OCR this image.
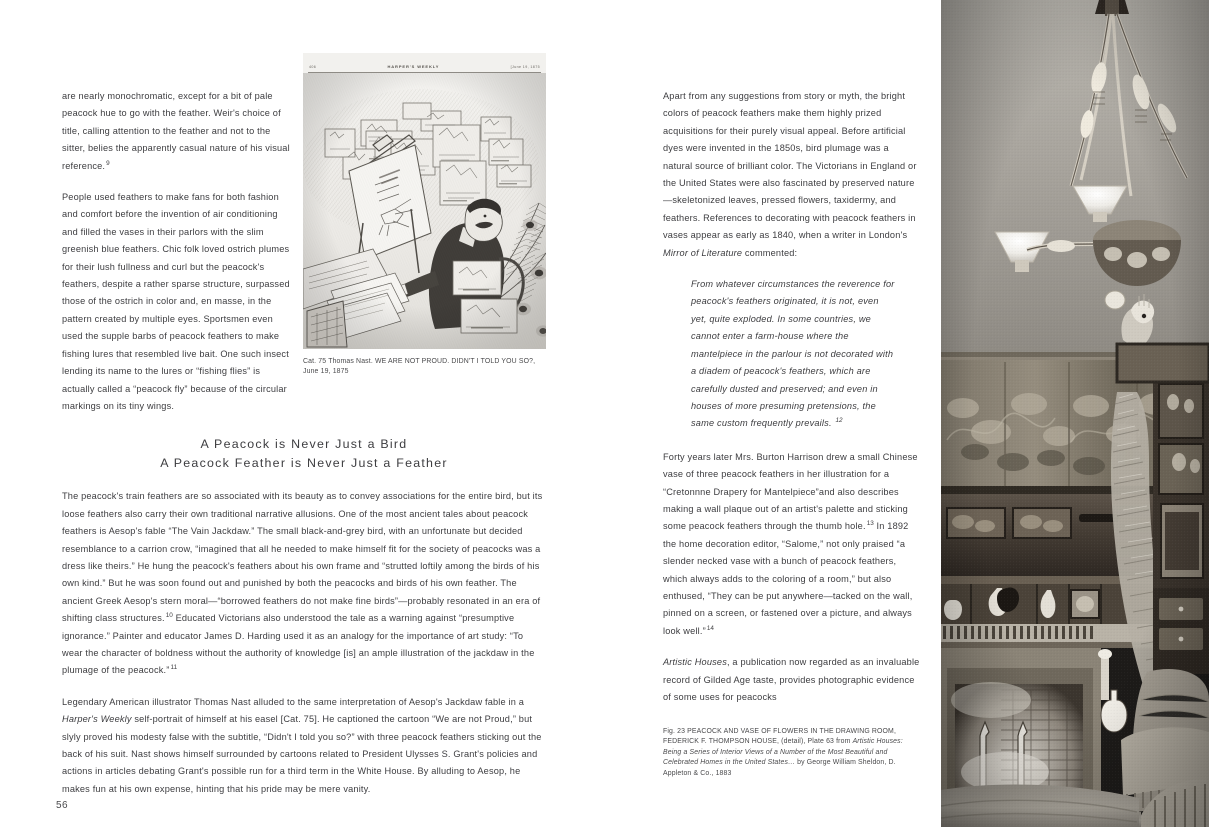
406	HARPER'S WEEKLY	[June 19, 1875
Cat. 75 Thomas Nast. WE ARE NOT PROUD. DIDN'T I TOLD YOU SO?, June 19, 1875

are nearly monochromatic, except for a bit of pale peacock hue to go with the feather. Weir's choice of title, calling attention to the feather and not to the sitter, belies the apparently casual nature of his visual reference.$^9$

People used feathers to make fans for both fashion and comfort before the invention of air conditioning and filled the vases in their parlors with the slim greenish blue feathers. Chic folk loved ostrich plumes for their lush fullness and curl but the peacock's feathers, despite a rather sparse structure, surpassed those of the ostrich in color and, en masse, in the pattern created by multiple eyes. Sportsmen even used the supple barbs of peacock feathers to make fishing lures that resembled live bait. One such insect lending its name to the lures or “fishing flies” is actually called a “peacock fly” because of the circular markings on its tiny wings.

A Peacock is Never Just a Bird
A Peacock Feather is Never Just a Feather

The peacock's train feathers are so associated with its beauty as to convey associations for the entire bird, but its loose feathers also carry their own traditional narrative allusions. One of the most ancient tales about peacock feathers is Aesop's fable “The Vain Jackdaw.” The small black-and-grey bird, with an unfortunate but decided resemblance to a carrion crow, “imagined that all he needed to make himself fit for the society of peacocks was a dress like theirs.” He hung the peacock's feathers about his own frame and “strutted loftily among the birds of his own kind.” But he was soon found out and punished by both the peacocks and birds of his own feather. The ancient Greek Aesop's stern moral—“borrowed feathers do not make fine birds”—probably resonated in an era of shifting class structures.$^{10}$ Educated Victorians also understood the tale as a warning against “presumptive ignorance.” Painter and educator James D. Harding used it as an analogy for the importance of art study: “To wear the character of boldness without the authority of knowledge [is] an ample illustration of the jackdaw in the plumage of the peacock.”$^{11}$

Legendary American illustrator Thomas Nast alluded to the same interpretation of Aesop's Jackdaw fable in a Harper's Weekly self-portrait of himself at his easel [Cat. 75]. He captioned the cartoon “We are not Proud,” but slyly proved his modesty false with the subtitle, “Didn't I told you so?” with three peacock feathers sticking out the back of his suit. Nast shows himself surrounded by cartoons related to President Ulysses S. Grant's policies and actions in articles debating Grant's possible run for a third term in the White House. By alluding to Aesop, he makes fun at his own expense, hinting that his pride may be mere vanity.

Apart from any suggestions from story or myth, the bright colors of peacock feathers make them highly prized acquisitions for their purely visual appeal. Before artificial dyes were invented in the 1850s, bird plumage was a natural source of brilliant color. The Victorians in England or the United States were also fascinated by preserved nature—skeletonized leaves, pressed flowers, taxidermy, and feathers. References to decorating with peacock feathers in vases appear as early as 1840, when a writer in London's Mirror of Literature commented:

From whatever circumstances the reverence for peacock's feathers originated, it is not, even yet, quite exploded. In some countries, we cannot enter a farm-house where the mantelpiece in the parlour is not decorated with a diadem of peacock's feathers, which are carefully dusted and preserved; and even in houses of more presuming pretensions, the same custom frequently prevails. $^{12}$

Forty years later Mrs. Burton Harrison drew a small Chinese vase of three peacock feathers in her illustration for a “Cretonnne Drapery for Mantelpiece”and also describes making a wall plaque out of an artist's palette and sticking some peacock feathers through the thumb hole.$^{13}$ In 1892 the home decoration editor, “Salome,” not only praised “a slender necked vase with a bunch of peacock feathers, which always adds to the coloring of a room,” but also enthused, “They can be put anywhere—tacked on the wall, pinned on a screen, or fastened over a picture, and always look well.”$^{14}$

Artistic Houses, a publication now regarded as an invaluable record of Gilded Age taste, provides photographic evidence of some uses for peacocks

Fig. 23 PEACOCK AND VASE OF FLOWERS IN THE DRAWING ROOM, FEDERICK F. THOMPSON HOUSE, (detail), Plate 63 from Artistic Houses: Being a Series of Interior Views of a Number of the Most Beautiful and Celebrated Homes in the United States… by George William Sheldon, D. Appleton & Co., 1883
56
